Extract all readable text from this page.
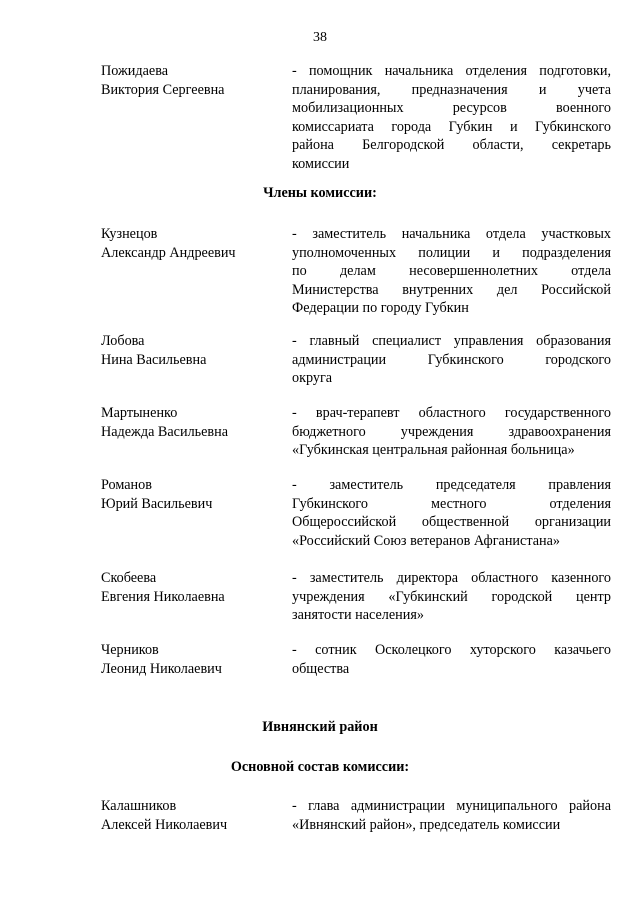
38
Пожидаева
Виктория Сергеевна
- помощник начальника отделения подготовки,
планирования, предназначения и учета
мобилизационных ресурсов военного
комиссариата города Губкин и Губкинского
района Белгородской области, секретарь
комиссии
Члены комиссии:
Кузнецов
Александр Андреевич
- заместитель начальника отдела участковых
уполномоченных полиции и подразделения
по делам несовершеннолетних отдела
Министерства внутренних дел Российской
Федерации по городу Губкин
Лобова
Нина Васильевна
- главный специалист управления образования
администрации Губкинского городского
округа
Мартыненко
Надежда Васильевна
- врач-терапевт областного государственного
бюджетного учреждения здравоохранения
«Губкинская центральная районная больница»
Романов
Юрий Васильевич
- заместитель председателя правления
Губкинского местного отделения
Общероссийской общественной организации
«Российский Союз ветеранов Афганистана»
Скобеева
Евгения Николаевна
- заместитель директора областного казенного
учреждения «Губкинский городской центр
занятости населения»
Черников
Леонид Николаевич
- сотник Осколецкого хуторского казачьего
общества
Ивнянский район
Основной состав комиссии:
Калашников
Алексей Николаевич
- глава администрации муниципального района
«Ивнянский район», председатель комиссии
